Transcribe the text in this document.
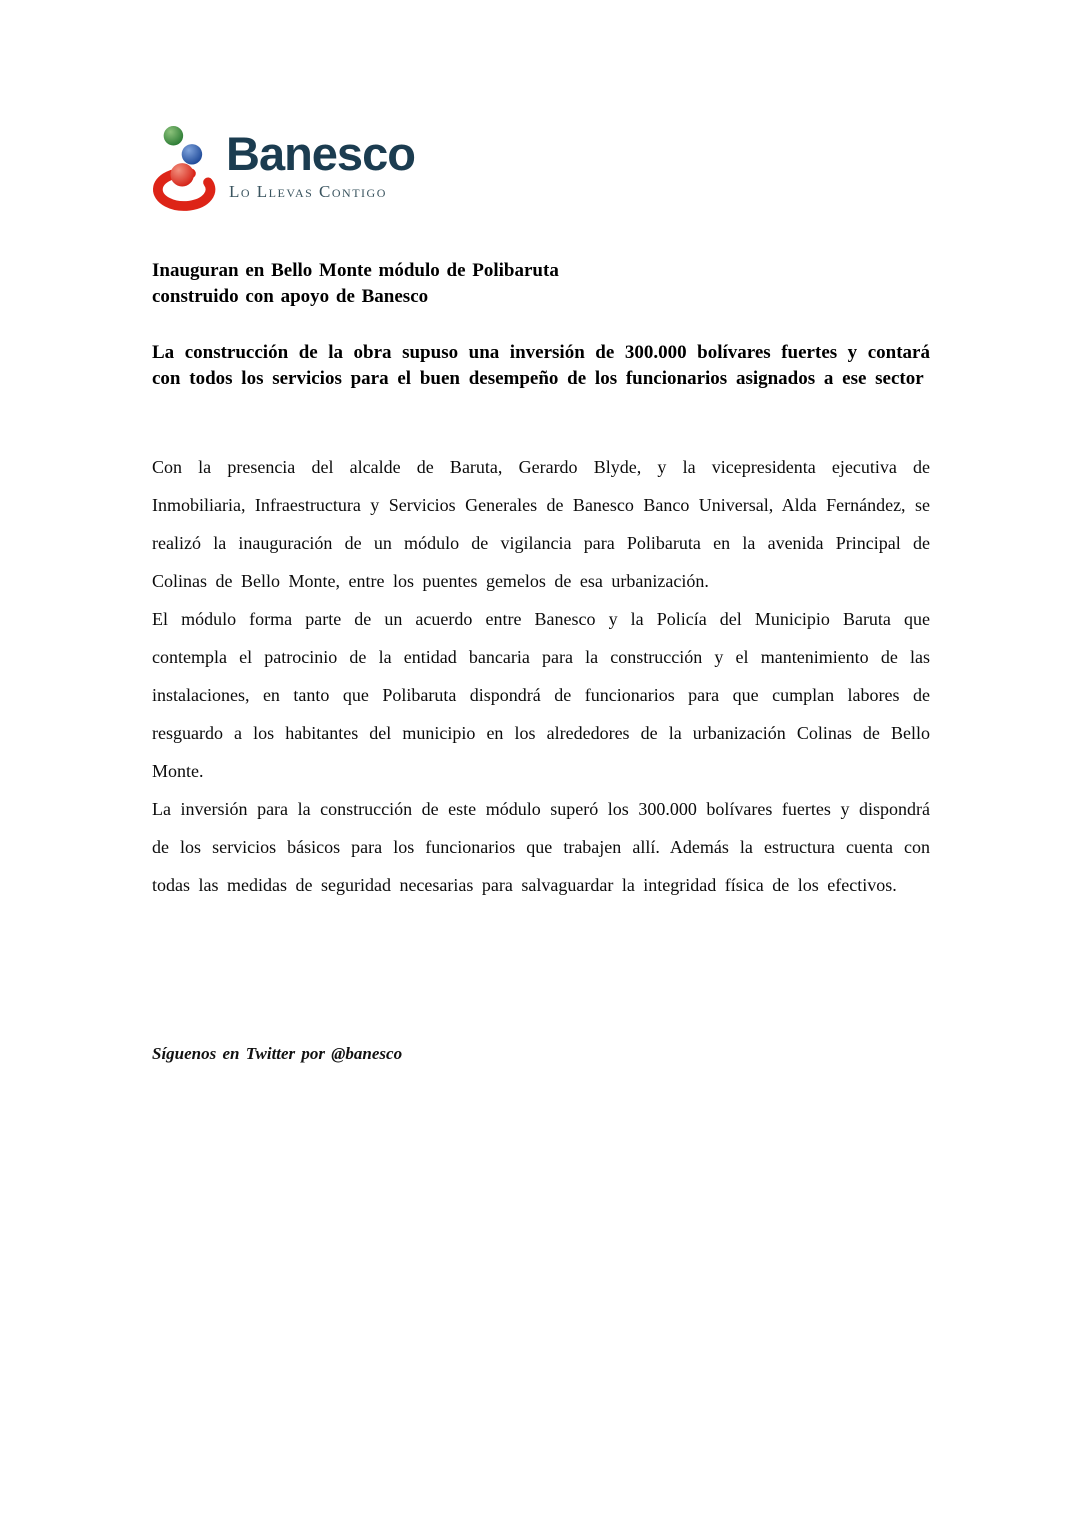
Banesco
Lo Llevas Contigo
Inauguran en Bello Monte módulo de Polibaruta
construido con apoyo de Banesco
La construcción de la obra supuso una inversión de 300.000 bolívares fuertes y contará con todos los servicios para el buen desempeño de los funcionarios asignados a ese sector

Con la presencia del alcalde de Baruta, Gerardo Blyde, y la vicepresidenta ejecutiva de Inmobiliaria, Infraestructura y Servicios Generales de Banesco Banco Universal, Alda Fernández, se realizó la inauguración de un módulo de vigilancia para Polibaruta en la avenida Principal de Colinas de Bello Monte, entre los puentes gemelos de esa urbanización.

El módulo forma parte de un acuerdo entre Banesco y la Policía del Municipio Baruta que contempla el patrocinio de la entidad bancaria para la construcción y el mantenimiento de las instalaciones, en tanto que Polibaruta dispondrá de funcionarios para que cumplan labores de resguardo a los habitantes del municipio en los alrededores de la urbanización Colinas de Bello Monte.

La inversión para la construcción de este módulo superó los 300.000 bolívares fuertes y dispondrá de los servicios básicos para los funcionarios que trabajen allí. Además la estructura cuenta con todas las medidas de seguridad necesarias para salvaguardar la integridad física de los efectivos.

Síguenos en Twitter por @banesco
